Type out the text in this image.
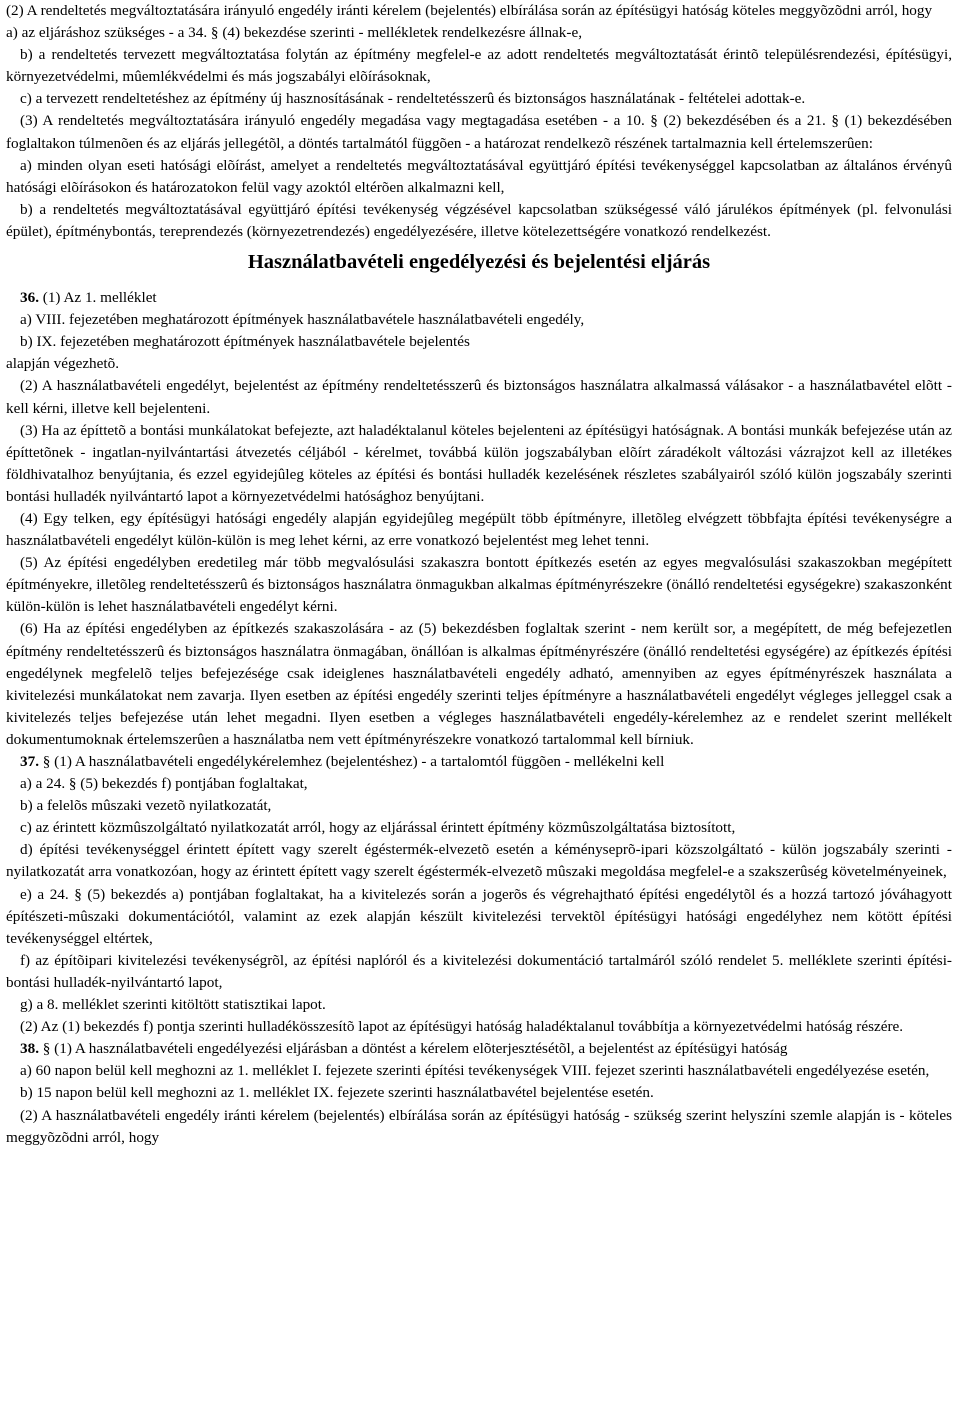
(2) A rendeltetés megváltoztatására irányuló engedély iránti kérelem (bejelentés) elbírálása során az építésügyi hatóság köteles meggyõzõdni arról, hogy

a) az eljáráshoz szükséges - a 34. § (4) bekezdése szerinti - mellékletek rendelkezésre állnak-e,

b) a rendeltetés tervezett megváltoztatása folytán az építmény megfelel-e az adott rendeltetés megváltoztatását érintõ településrendezési, építésügyi, környezetvédelmi, mûemlékvédelmi és más jogszabályi elõírásoknak,

c) a tervezett rendeltetéshez az építmény új hasznosításának - rendeltetésszerû és biztonságos használatának - feltételei adottak-e.

(3) A rendeltetés megváltoztatására irányuló engedély megadása vagy megtagadása esetében - a 10. § (2) bekezdésében és a 21. § (1) bekezdésében foglaltakon túlmenõen és az eljárás jellegétõl, a döntés tartalmától függõen - a határozat rendelkezõ részének tartalmaznia kell értelemszerûen:

a) minden olyan eseti hatósági elõírást, amelyet a rendeltetés megváltoztatásával együttjáró építési tevékenységgel kapcsolatban az általános érvényû hatósági elõírásokon és határozatokon felül vagy azoktól eltérõen alkalmazni kell,

b) a rendeltetés megváltoztatásával együttjáró építési tevékenység végzésével kapcsolatban szükségessé váló járulékos építmények (pl. felvonulási épület), építménybontás, tereprendezés (környezetrendezés) engedélyezésére, illetve kötelezettségére vonatkozó rendelkezést.

Használatbavételi engedélyezési és bejelentési eljárás

36. (1) Az 1. melléklet

a) VIII. fejezetében meghatározott építmények használatbavétele használatbavételi engedély,

b) IX. fejezetében meghatározott építmények használatbavétele bejelentés

alapján végezhetõ.

(2) A használatbavételi engedélyt, bejelentést az építmény rendeltetésszerû és biztonságos használatra alkalmassá válásakor - a használatbavétel elõtt - kell kérni, illetve kell bejelenteni.

(3) Ha az építtetõ a bontási munkálatokat befejezte, azt haladéktalanul köteles bejelenteni az építésügyi hatóságnak. A bontási munkák befejezése után az építtetõnek - ingatlan-nyilvántartási átvezetés céljából - kérelmet, továbbá külön jogszabályban elõírt záradékolt változási vázrajzot kell az illetékes földhivatalhoz benyújtania, és ezzel egyidejûleg köteles az építési és bontási hulladék kezelésének részletes szabályairól szóló külön jogszabály szerinti bontási hulladék nyilvántartó lapot a környezetvédelmi hatósághoz benyújtani.

(4) Egy telken, egy építésügyi hatósági engedély alapján egyidejûleg megépült több építményre, illetõleg elvégzett többfajta építési tevékenységre a használatbavételi engedélyt külön-külön is meg lehet kérni, az erre vonatkozó bejelentést meg lehet tenni.

(5) Az építési engedélyben eredetileg már több megvalósulási szakaszra bontott építkezés esetén az egyes megvalósulási szakaszokban megépített építményekre, illetõleg rendeltetésszerû és biztonságos használatra önmagukban alkalmas építményrészekre (önálló rendeltetési egységekre) szakaszonként külön-külön is lehet használatbavételi engedélyt kérni.

(6) Ha az építési engedélyben az építkezés szakaszolására - az (5) bekezdésben foglaltak szerint - nem került sor, a megépített, de még befejezetlen építmény rendeltetésszerû és biztonságos használatra önmagában, önállóan is alkalmas építményrészére (önálló rendeltetési egységére) az építkezés építési engedélynek megfelelõ teljes befejezésége csak ideiglenes használatbavételi engedély adható, amennyiben az egyes építményrészek használata a kivitelezési munkálatokat nem zavarja. Ilyen esetben az építési engedély szerinti teljes építményre a használatbavételi engedélyt végleges jelleggel csak a kivitelezés teljes befejezése után lehet megadni. Ilyen esetben a végleges használatbavételi engedély-kérelemhez az e rendelet szerint mellékelt dokumentumoknak értelemszerûen a használatba nem vett építményrészekre vonatkozó tartalommal kell bírniuk.

37. § (1) A használatbavételi engedélykérelemhez (bejelentéshez) - a tartalomtól függõen - mellékelni kell

a) a 24. § (5) bekezdés f) pontjában foglaltakat,

b) a felelõs mûszaki vezetõ nyilatkozatát,

c) az érintett közmûszolgáltató nyilatkozatát arról, hogy az eljárással érintett építmény közmûszolgáltatása biztosított,

d) építési tevékenységgel érintett épített vagy szerelt égéstermék-elvezetõ esetén a kéményseprõ-ipari közszolgáltató - külön jogszabály szerinti - nyilatkozatát arra vonatkozóan, hogy az érintett épített vagy szerelt égéstermék-elvezetõ mûszaki megoldása megfelel-e a szakszerûség követelményeinek,

e) a 24. § (5) bekezdés a) pontjában foglaltakat, ha a kivitelezés során a jogerõs és végrehajtható építési engedélytõl és a hozzá tartozó jóváhagyott építészeti-mûszaki dokumentációtól, valamint az ezek alapján készült kivitelezési tervektõl építésügyi hatósági engedélyhez nem kötött építési tevékenységgel eltértek,

f) az építõipari kivitelezési tevékenységrõl, az építési naplóról és a kivitelezési dokumentáció tartalmáról szóló rendelet 5. melléklete szerinti építési-bontási hulladék-nyilvántartó lapot,

g) a 8. melléklet szerinti kitöltött statisztikai lapot.

(2) Az (1) bekezdés f) pontja szerinti hulladékösszesítõ lapot az építésügyi hatóság haladéktalanul továbbítja a környezetvédelmi hatóság részére.

38. § (1) A használatbavételi engedélyezési eljárásban a döntést a kérelem elõterjesztésétõl, a bejelentést az építésügyi hatóság

a) 60 napon belül kell meghozni az 1. melléklet I. fejezete szerinti építési tevékenységek VIII. fejezet szerinti használatbavételi engedélyezése esetén,

b) 15 napon belül kell meghozni az 1. melléklet IX. fejezete szerinti használatbavétel bejelentése esetén.

(2) A használatbavételi engedély iránti kérelem (bejelentés) elbírálása során az építésügyi hatóság - szükség szerint helyszíni szemle alapján is - köteles meggyõzõdni arról, hogy
